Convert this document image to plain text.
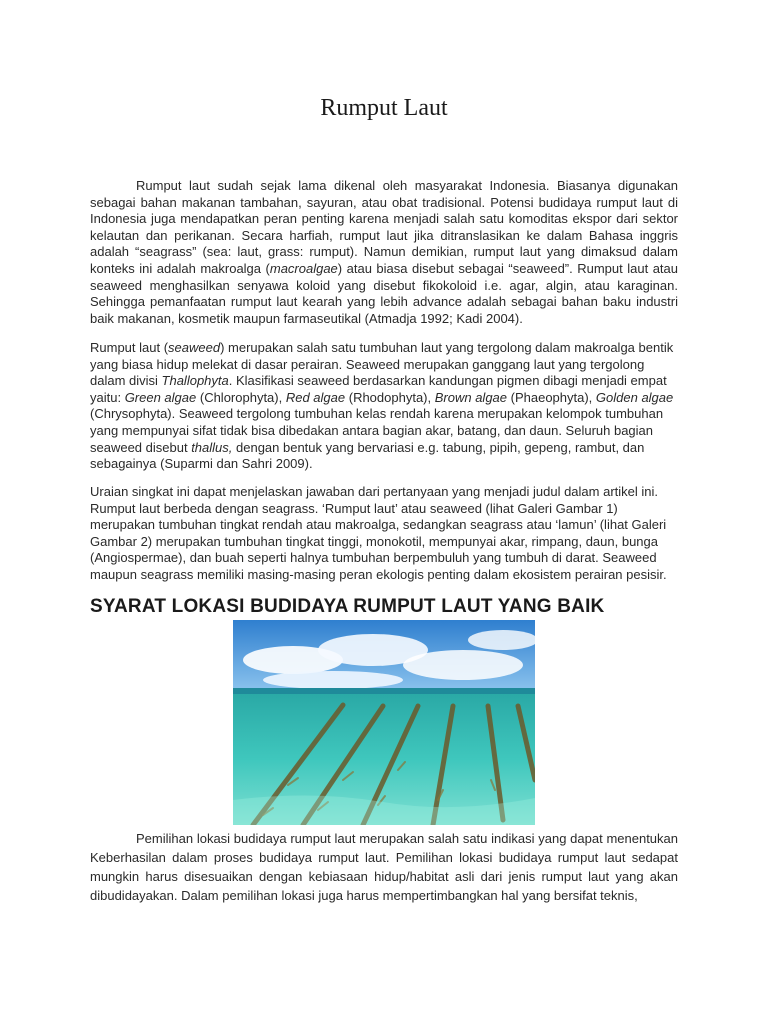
Rumput Laut

Rumput laut sudah sejak lama dikenal oleh masyarakat Indonesia. Biasanya digunakan sebagai bahan makanan tambahan, sayuran, atau obat tradisional. Potensi budidaya rumput laut di Indonesia juga mendapatkan peran penting karena menjadi salah satu komoditas ekspor dari sektor kelautan dan perikanan. Secara harfiah, rumput laut jika ditranslasikan ke dalam Bahasa inggris adalah “seagrass” (sea: laut, grass: rumput). Namun demikian, rumput laut yang dimaksud dalam konteks ini adalah makroalga (macroalgae) atau biasa disebut sebagai “seaweed”. Rumput laut atau seaweed menghasilkan senyawa koloid yang disebut fikokoloid i.e. agar, algin, atau karaginan. Sehingga pemanfaatan rumput laut kearah yang lebih advance adalah sebagai bahan baku industri baik makanan, kosmetik maupun farmaseutikal (Atmadja 1992; Kadi 2004).

Rumput laut (seaweed) merupakan salah satu tumbuhan laut yang tergolong dalam makroalga bentik yang biasa hidup melekat di dasar perairan. Seaweed merupakan ganggang laut yang tergolong dalam divisi Thallophyta. Klasifikasi seaweed berdasarkan kandungan pigmen dibagi menjadi empat yaitu: Green algae (Chlorophyta), Red algae (Rhodophyta), Brown algae (Phaeophyta), Golden algae (Chrysophyta). Seaweed tergolong tumbuhan kelas rendah karena merupakan kelompok tumbuhan yang mempunyai sifat tidak bisa dibedakan antara bagian akar, batang, dan daun. Seluruh bagian seaweed disebut thallus, dengan bentuk yang bervariasi e.g. tabung, pipih, gepeng, rambut, dan sebagainya (Suparmi dan Sahri 2009).

Uraian singkat ini dapat menjelaskan jawaban dari pertanyaan yang menjadi judul dalam artikel ini. Rumput laut berbeda dengan seagrass. ‘Rumput laut’ atau seaweed (lihat Galeri Gambar 1) merupakan tumbuhan tingkat rendah atau makroalga, sedangkan seagrass atau ‘lamun’ (lihat Galeri Gambar 2) merupakan tumbuhan tingkat tinggi, monokotil, mempunyai akar, rimpang, daun, bunga (Angiospermae), dan buah seperti halnya tumbuhan berpembuluh yang tumbuh di darat. Seaweed maupun seagrass memiliki masing-masing peran ekologis penting dalam ekosistem perairan pesisir.

SYARAT LOKASI BUDIDAYA RUMPUT LAUT YANG BAIK

Pemilihan lokasi budidaya rumput laut merupakan salah satu indikasi yang dapat menentukan Keberhasilan dalam proses budidaya rumput laut. Pemilihan lokasi budidaya rumput laut sedapat mungkin harus disesuaikan dengan kebiasaan hidup/habitat asli dari jenis rumput laut yang akan dibudidayakan. Dalam pemilihan lokasi juga harus mempertimbangkan hal yang bersifat teknis,
